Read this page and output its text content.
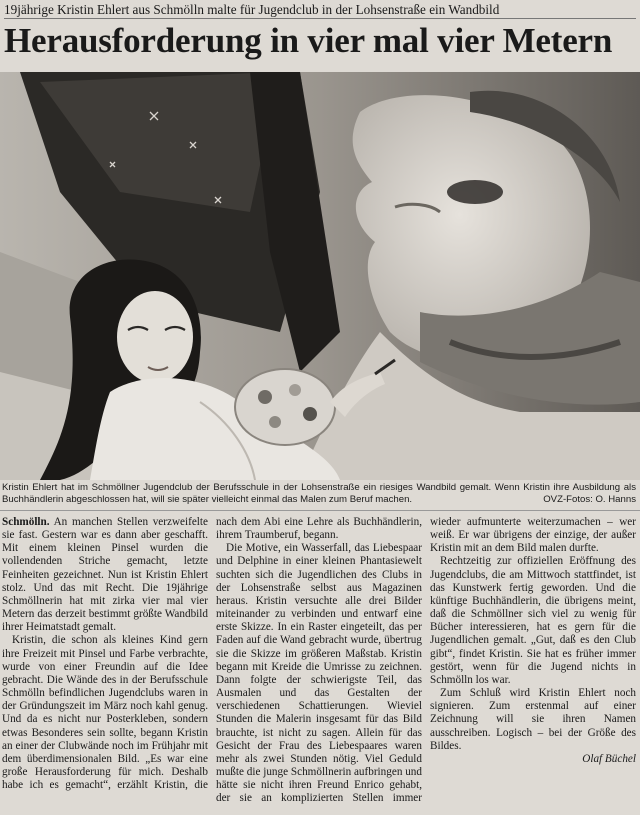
19jährige Kristin Ehlert aus Schmölln malte für Jugendclub in der Lohsenstraße ein Wandbild
Herausforderung in vier mal vier Metern
Kristin Ehlert hat im Schmöllner Jugendclub der Berufsschule in der Lohsenstraße ein riesiges Wandbild gemalt. Wenn Kristin ihre Ausbildung als Buchhändlerin abgeschlossen hat, will sie später vielleicht einmal das Malen zum Beruf machen.	OVZ-Fotos: O. Hanns

Schmölln. An manchen Stellen verzweifelte sie fast. Gestern war es dann aber geschafft. Mit einem kleinen Pinsel wurden die vollendenden Striche gemacht, letzte Feinheiten gezeichnet. Nun ist Kristin Ehlert stolz. Und das mit Recht. Die 19jährige Schmöllnerin hat mit zirka vier mal vier Metern das derzeit bestimmt größte Wandbild ihrer Heimatstadt gemalt.

Kristin, die schon als kleines Kind gern ihre Freizeit mit Pinsel und Farbe verbrachte, wurde von einer Freundin auf die Idee gebracht. Die Wände des in der Berufsschule Schmölln befindlichen Jugendclubs waren in der Gründungszeit im März noch kahl genug. Und da es nicht nur Posterkleben, sondern etwas Besonderes sein sollte, begann Kristin an einer der Clubwände noch im Frühjahr mit dem überdimensionalen Bild. „Es war eine große Herausforderung für mich. Deshalb habe ich es gemacht“, erzählt Kristin, die nach dem Abi eine Lehre als Buchhändlerin, ihrem Traumberuf, begann.

Die Motive, ein Wasserfall, das Liebespaar und Delphine in einer kleinen Phantasiewelt suchten sich die Jugendlichen des Clubs in der Lohsenstraße selbst aus Magazinen heraus. Kristin versuchte alle drei Bilder miteinander zu verbinden und entwarf eine erste Skizze. In ein Raster eingeteilt, das per Faden auf die Wand gebracht wurde, übertrug sie die Skizze im größeren Maßstab. Kristin begann mit Kreide die Umrisse zu zeichnen. Dann folgte der schwierigste Teil, das Ausmalen und das Gestalten der verschiedenen Schattierungen. Wieviel Stunden die Malerin insgesamt für das Bild brauchte, ist nicht zu sagen. Allein für das Gesicht der Frau des Liebespaares waren mehr als zwei Stunden nötig. Viel Geduld mußte die junge Schmöllnerin aufbringen und hätte sie nicht ihren Freund Enrico gehabt, der sie an komplizierten Stellen immer wieder aufmunterte weiterzumachen – wer weiß. Er war übrigens der einzige, der außer Kristin mit an dem Bild malen durfte.

Rechtzeitig zur offiziellen Eröffnung des Jugendclubs, die am Mittwoch stattfindet, ist das Kunstwerk fertig geworden. Und die künftige Buchhändlerin, die übrigens meint, daß die Schmöllner sich viel zu wenig für Bücher interessieren, hat es gern für die Jugendlichen gemalt. „Gut, daß es den Club gibt“, findet Kristin. Sie hat es früher immer gestört, wenn für die Jugend nichts in Schmölln los war.

Zum Schluß wird Kristin Ehlert noch signieren. Zum erstenmal auf einer Zeichnung will sie ihren Namen ausschreiben. Logisch – bei der Größe des Bildes.

Olaf Büchel
